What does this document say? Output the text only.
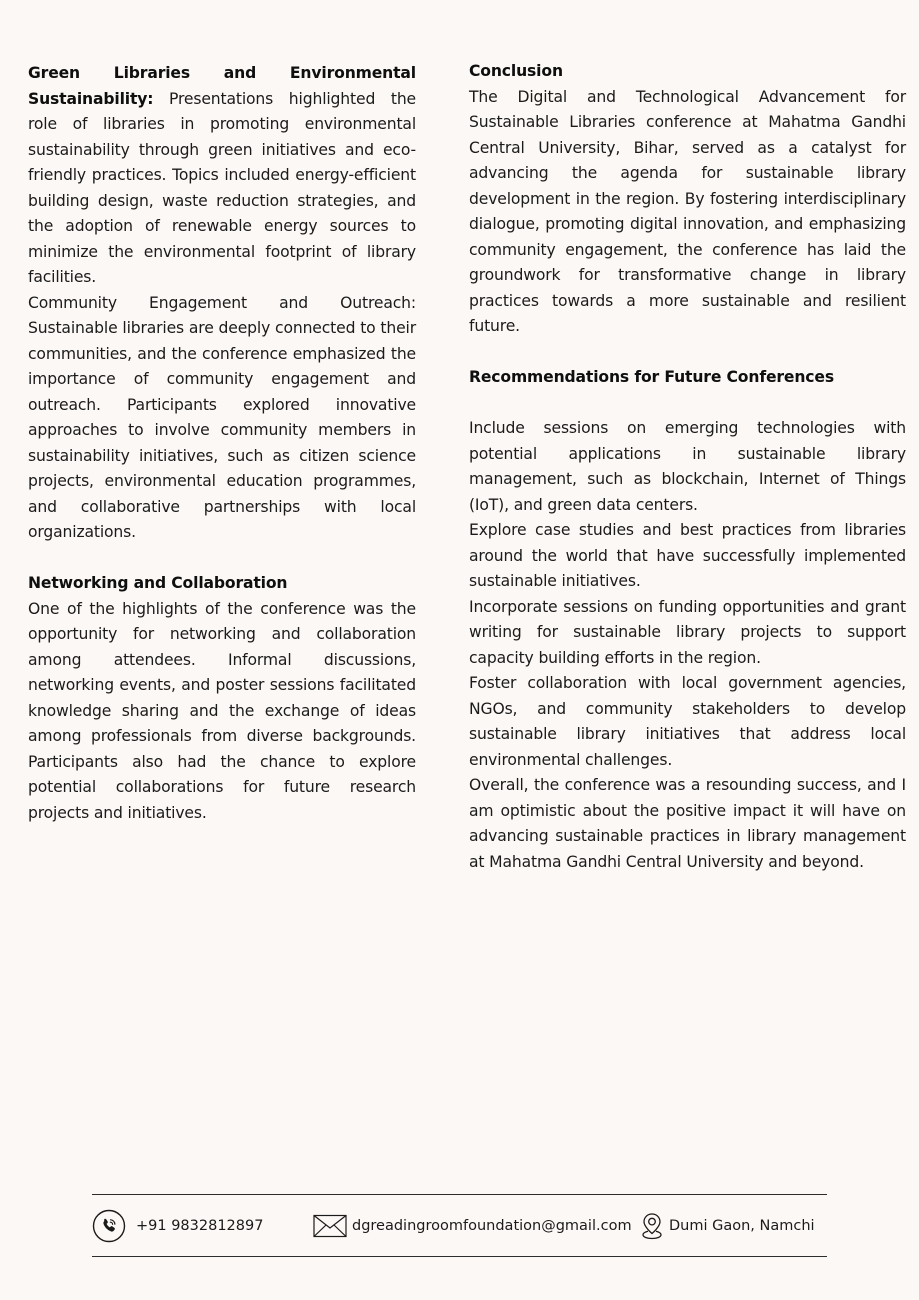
Green Libraries and Environmental Sustainability: Presentations highlighted the role of libraries in promoting environmental sustainability through green initiatives and eco-friendly practices. Topics included energy-efficient building design, waste reduction strategies, and the adoption of renewable energy sources to minimize the environmental footprint of library facilities.

Community Engagement and Outreach: Sustainable libraries are deeply connected to their communities, and the conference emphasized the importance of community engagement and outreach. Participants explored innovative approaches to involve community members in sustainability initiatives, such as citizen science projects, environmental education programmes, and collaborative partnerships with local organizations.

Networking and Collaboration

One of the highlights of the conference was the opportunity for networking and collaboration among attendees. Informal discussions, networking events, and poster sessions facilitated knowledge sharing and the exchange of ideas among professionals from diverse backgrounds. Participants also had the chance to explore potential collaborations for future research projects and initiatives.

Conclusion

The Digital and Technological Advancement for Sustainable Libraries conference at Mahatma Gandhi Central University, Bihar, served as a catalyst for advancing the agenda for sustainable library development in the region. By fostering interdisciplinary dialogue, promoting digital innovation, and emphasizing community engagement, the conference has laid the groundwork for transformative change in library practices towards a more sustainable and resilient future.

Recommendations for Future Conferences

Include sessions on emerging technologies with potential applications in sustainable library management, such as blockchain, Internet of Things (IoT), and green data centers.

Explore case studies and best practices from libraries around the world that have successfully implemented sustainable initiatives.

Incorporate sessions on funding opportunities and grant writing for sustainable library projects to support capacity building efforts in the region.

Foster collaboration with local government agencies, NGOs, and community stakeholders to develop sustainable library initiatives that address local environmental challenges.

Overall, the conference was a resounding success, and I am optimistic about the positive impact it will have on advancing sustainable practices in library management at Mahatma Gandhi Central University and beyond.

+91 9832812897	dgreadingroomfoundation@gmail.com	Dumi Gaon, Namchi
